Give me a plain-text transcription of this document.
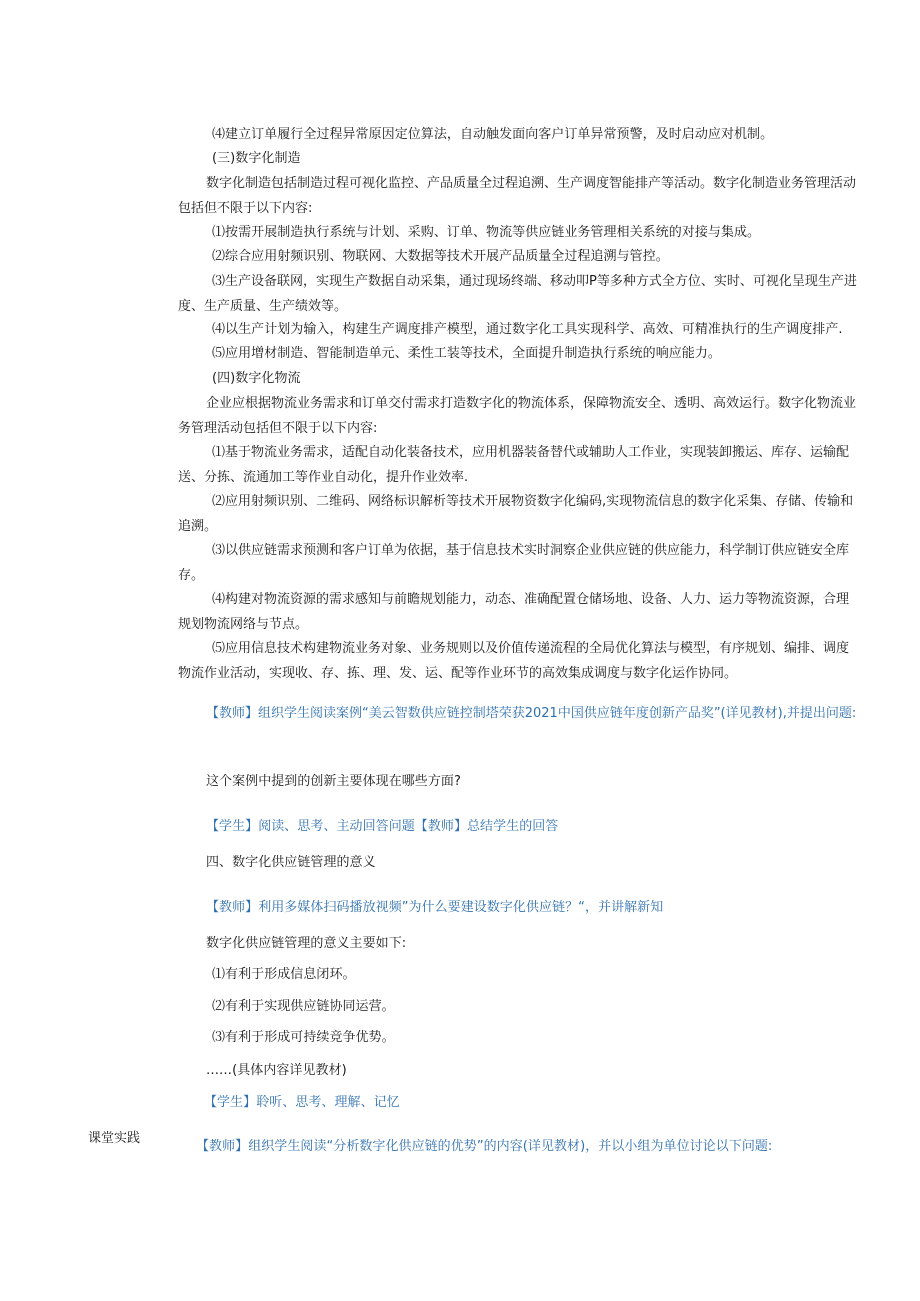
⑷建立订单履行全过程异常原因定位算法，自动触发面向客户订单异常预警，及时启动应对机制。
(三)数字化制造

数字化制造包括制造过程可视化监控、产品质量全过程追溯、生产调度智能排产等活动。数字化制造业务管理活动包括但不限于以下内容:

⑴按需开展制造执行系统与计划、采购、订单、物流等供应链业务管理相关系统的对接与集成。
⑵综合应用射频识别、物联网、大数据等技术开展产品质量全过程追溯与管控。

⑶生产设备联网，实现生产数据自动采集，通过现场终端、移动叩P等多种方式全方位、实时、可视化呈现生产进度、生产质量、生产绩效等。

⑷以生产计划为输入，构建生产调度排产模型，通过数字化工具实现科学、高效、可精准执行的生产调度排产.
⑸应用增材制造、智能制造单元、柔性工装等技术，全面提升制造执行系统的响应能力。
(四)数字化物流

企业应根据物流业务需求和订单交付需求打造数字化的物流体系，保障物流安全、透明、高效运行。数字化物流业务管理活动包括但不限于以下内容:

⑴基于物流业务需求，适配自动化装备技术，应用机器装备替代或辅助人工作业，实现装卸搬运、库存、运输配送、分拣、流通加工等作业自动化，提升作业效率.

⑵应用射频识别、二维码、网络标识解析等技术开展物资数字化编码,实现物流信息的数字化采集、存储、传输和追溯。

⑶以供应链需求预测和客户订单为依据，基于信息技术实时洞察企业供应链的供应能力，科学制订供应链安全库存。

⑷构建对物流资源的需求感知与前瞻规划能力，动态、准确配置仓储场地、设备、人力、运力等物流资源，合理规划物流网络与节点。

⑸应用信息技术构建物流业务对象、业务规则以及价值传递流程的全局优化算法与模型，有序规划、编排、调度物流作业活动，实现收、存、拣、理、发、运、配等作业环节的高效集成调度与数字化运作协同。

【教师】组织学生阅读案例“美云智数供应链控制塔荣获2021中国供应链年度创新产品奖”(详见教材),并提出问题:

这个案例中提到的创新主要体现在哪些方面?
【学生】阅读、思考、主动回答问题【教师】总结学生的回答
四、数字化供应链管理的意义
【教师】利用多媒体扫码播放视频”为什么要建设数字化供应链？“，并讲解新知
数字化供应链管理的意义主要如下:
⑴有利于形成信息闭环。
⑵有利于实现供应链协同运营。
⑶有利于形成可持续竞争优势。
……(具体内容详见教材)
【学生】聆听、思考、理解、记忆
课堂实践
【教师】组织学生阅读“分析数字化供应链的优势”的内容(详见教材)，并以小组为单位讨论以下问题:
